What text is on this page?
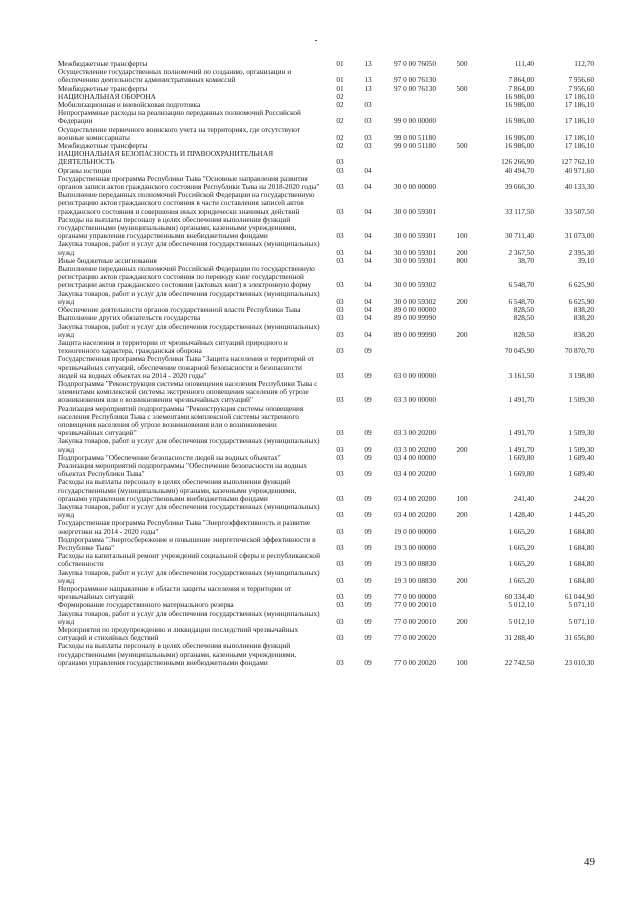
Межбюджетные трансферты	01	13	97 0 00 76050	500	111,40	112,70
Осуществление государственных полномочий по созданию, организации и обеспечению деятельности административных комиссий	01	13	97 0 00 76130		7 864,00	7 956,60
Межбюджетные трансферты	01	13	97 0 00 76130	500	7 864,00	7 956,60
НАЦИОНАЛЬНАЯ ОБОРОНА	02				16 986,00	17 186,10
Мобилизационная и вневойсковая подготовка	02	03			16 986,00	17 186,10
Непрограммные расходы на реализацию переданных полномочий Российской Федерации	02	03	99 0 00 00000		16 986,00	17 186,10
Осуществление первичного воинского учета на территориях, где отсутствуют военные комиссариаты	02	03	99 0 00 51180		16 986,00	17 186,10
Межбюджетные трансферты	02	03	99 0 00 51180	500	16 986,00	17 186,10
НАЦИОНАЛЬНАЯ БЕЗОПАСНОСТЬ И ПРАВООХРАНИТЕЛЬНАЯ ДЕЯТЕЛЬНОСТЬ	03				126 266,90	127 762,10
Органы юстиции	03	04			40 494,70	40 971,60
Государственная программа Республики Тыва "Основные направления развития органов записи актов гражданского состояния Республики Тыва на 2018-2020 годы"	03	04	30 0 00 00000		39 666,30	40 133,30
Выполнение переданных полномочий Российской Федерации на государственную регистрацию актов гражданского состояния в части составления записей актов гражданского состояния и совершения иных юридически значимых действий	03	04	30 0 00 59301		33 117,50	33 507,50
Расходы на выплаты персоналу в целях обеспечения выполнения функций государственными (муниципальными) органами, казенными учреждениями, органами управления государственными внебюджетными фондами	03	04	30 0 00 59301	100	30 711,40	31 073,00
Закупка товаров, работ и услуг для обеспечения государственных (муниципальных) нужд	03	04	30 0 00 59301	200	2 367,50	2 395,30
Иные бюджетные ассигнования	03	04	30 0 00 59301	800	38,70	39,10
Выполнение переданных полномочий Российской Федерации по государственную регистрацию актов гражданского состояния по переводу книг государственной регистрации актов гражданского состояния (актовых книг) в электронную форму	03	04	30 0 00 59302		6 548,70	6 625,90
Закупка товаров, работ и услуг для обеспечения государственных (муниципальных) нужд	03	04	30 0 00 59302	200	6 548,70	6 625,90
Обеспечение деятельности органов государственной власти Республики Тыва	03	04	89 0 00 00000		828,50	838,20
Выполнение других обязательств государства	03	04	89 0 00 99990		828,50	838,20
Закупка товаров, работ и услуг для обеспечения государственных (муниципальных) нужд	03	04	89 0 00 99990	200	828,50	838,20
Защита населения и территории от чрезвычайных ситуаций природного и техногенного характера, гражданская оборона	03	09			70 045,90	70 870,70
Государственная программа Республики Тыва "Защита населения и территорий от чрезвычайных ситуаций, обеспечение пожарной безопасности и безопасности людей на водных объектах на 2014 - 2020 годы"	03	09	03 0 00 00000		3 161,50	3 198,80
Подпрограмма "Реконструкция системы оповещения населения Республики Тыва с элементами комплексной системы экстренного оповещения населения об угрозе возникновения или о возникновении чрезвычайных ситуаций"	03	09	03 3 00 00000		1 491,70	1 509,30
Реализация мероприятий подпрограммы "Реконструкция системы оповещения населения Республики Тыва с элементами комплексной системы экстренного оповещения населения об угрозе возникновения или о возникновении чрезвычайных ситуаций"	03	09	03 3 00 20200		1 491,70	1 509,30
Закупка товаров, работ и услуг для обеспечения государственных (муниципальных) нужд	03	09	03 3 00 20200	200	1 491,70	1 509,30
Подпрограмма "Обеспечение безопасности людей на водных объектах"	03	09	03 4 00 00000		1 669,80	1 689,40
Реализация мероприятий подпрограммы "Обеспечение безопасности на водных объектах Республики Тыва"	03	09	03 4 00 20200		1 669,80	1 689,40
Расходы на выплаты персоналу в целях обеспечения выполнения функций государственными (муниципальными) органами, казенными учреждениями, органами управления государственными внебюджетными фондами	03	09	03 4 00 20200	100	241,40	244,20
Закупка товаров, работ и услуг для обеспечения государственных (муниципальных) нужд	03	09	03 4 00 20200	200	1 428,40	1 445,20
Государственная программа Республики Тыва "Энергоэффективность и развитие энергетики на 2014 - 2020 годы"	03	09	19 0 00 00000		1 665,20	1 684,80
Подпрограмма "Энергосбережение и повышение энергетической эффективности в Республике Тыва"	03	09	19 3 00 00000		1 665,20	1 684,80
Расходы на капитальный ремонт учреждений социальной сферы и республиканской собственности	03	09	19 3 00 08830		1 665,20	1 684,80
Закупка товаров, работ и услуг для обеспечения государственных (муниципальных) нужд	03	09	19 3 00 08830	200	1 665,20	1 684,80
Непрограммное направление в области защиты населения и территории от чрезвычайных ситуаций	03	09	77 0 00 00000		60 334,40	61 044,90
Формирование государственного материального резерва	03	09	77 0 00 20010		5 012,10	5 071,10
Закупка товаров, работ и услуг для обеспечения государственных (муниципальных) нужд	03	09	77 0 00 20010	200	5 012,10	5 071,10
Мероприятия по предупреждению и ликвидации последствий чрезвычайных ситуаций и стихийных бедствий	03	09	77 0 00 20020		31 288,40	31 656,80
Расходы на выплаты персоналу в целях обеспечения выполнения функций государственными (муниципальными) органами, казенными учреждениями, органами управления государственными внебюджетными фондами	03	09	77 0 00 20020	100	22 742,50	23 010,30
49
